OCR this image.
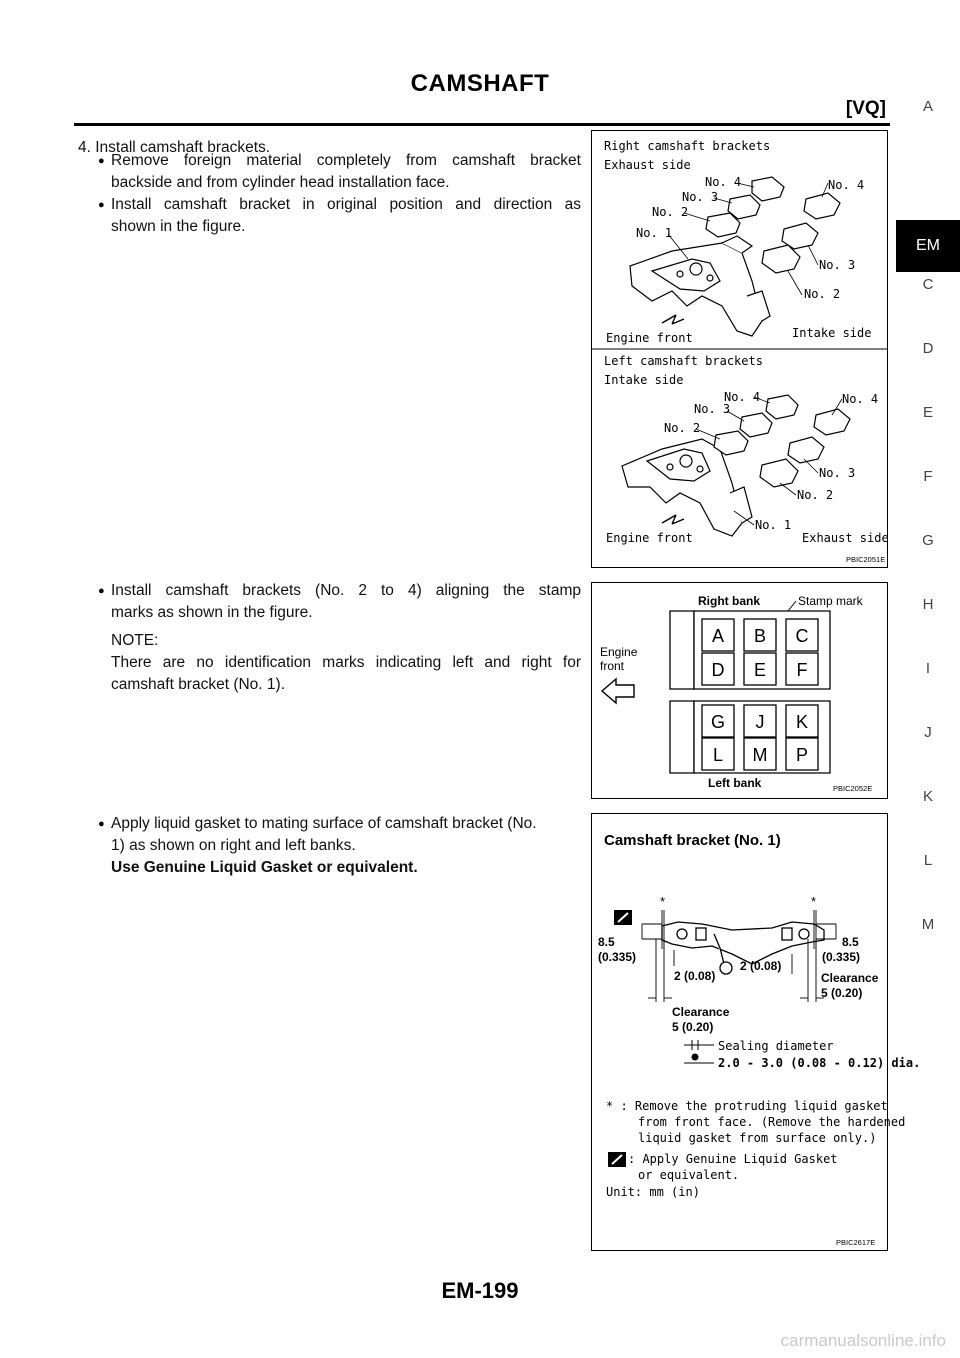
CAMSHAFT
[VQ]	A
EM
C
D
E
F
G
H
I
J
K
L
M
4. Install camshaft brackets.
● Remove foreign material completely from camshaft bracket
backside and from cylinder head installation face.
● Install camshaft bracket in original position and direction as
shown in the figure.
● Install camshaft brackets (No. 2 to 4) aligning the stamp
marks as shown in the figure.
NOTE:
There are no identification marks indicating left and right for
camshaft bracket (No. 1).
● Apply liquid gasket to mating surface of camshaft bracket (No.
1) as shown on right and left banks.
Use Genuine Liquid Gasket or equivalent.
Right camshaft brackets
Exhaust side
No. 4
No. 3
No. 2
No. 1
No. 4
No. 3
No. 2
Engine front	Intake side
Left camshaft brackets
Intake side
No. 4
No. 3
No. 2
No. 4
No. 3
No. 2
No. 1
Engine front	Exhaust side
PBIC2051E
Right bank	Stamp mark
Engine
front
A B C
D E F
G J K
L M P
Left bank	PBIC2052E
Camshaft bracket (No. 1)
*	*
8.5
(0.335)
8.5
(0.335)
2 (0.08)
2 (0.08)
Clearance
5 (0.20)
Clearance
5 (0.20)
Sealing diameter
2.0 - 3.0 (0.08 - 0.12) dia.
* : Remove the protruding liquid gasket
from front face. (Remove the hardened
liquid gasket from surface only.)
: Apply Genuine Liquid Gasket
or equivalent.
Unit: mm (in)
PBIC2617E
EM-199
carmanualsonline.info
